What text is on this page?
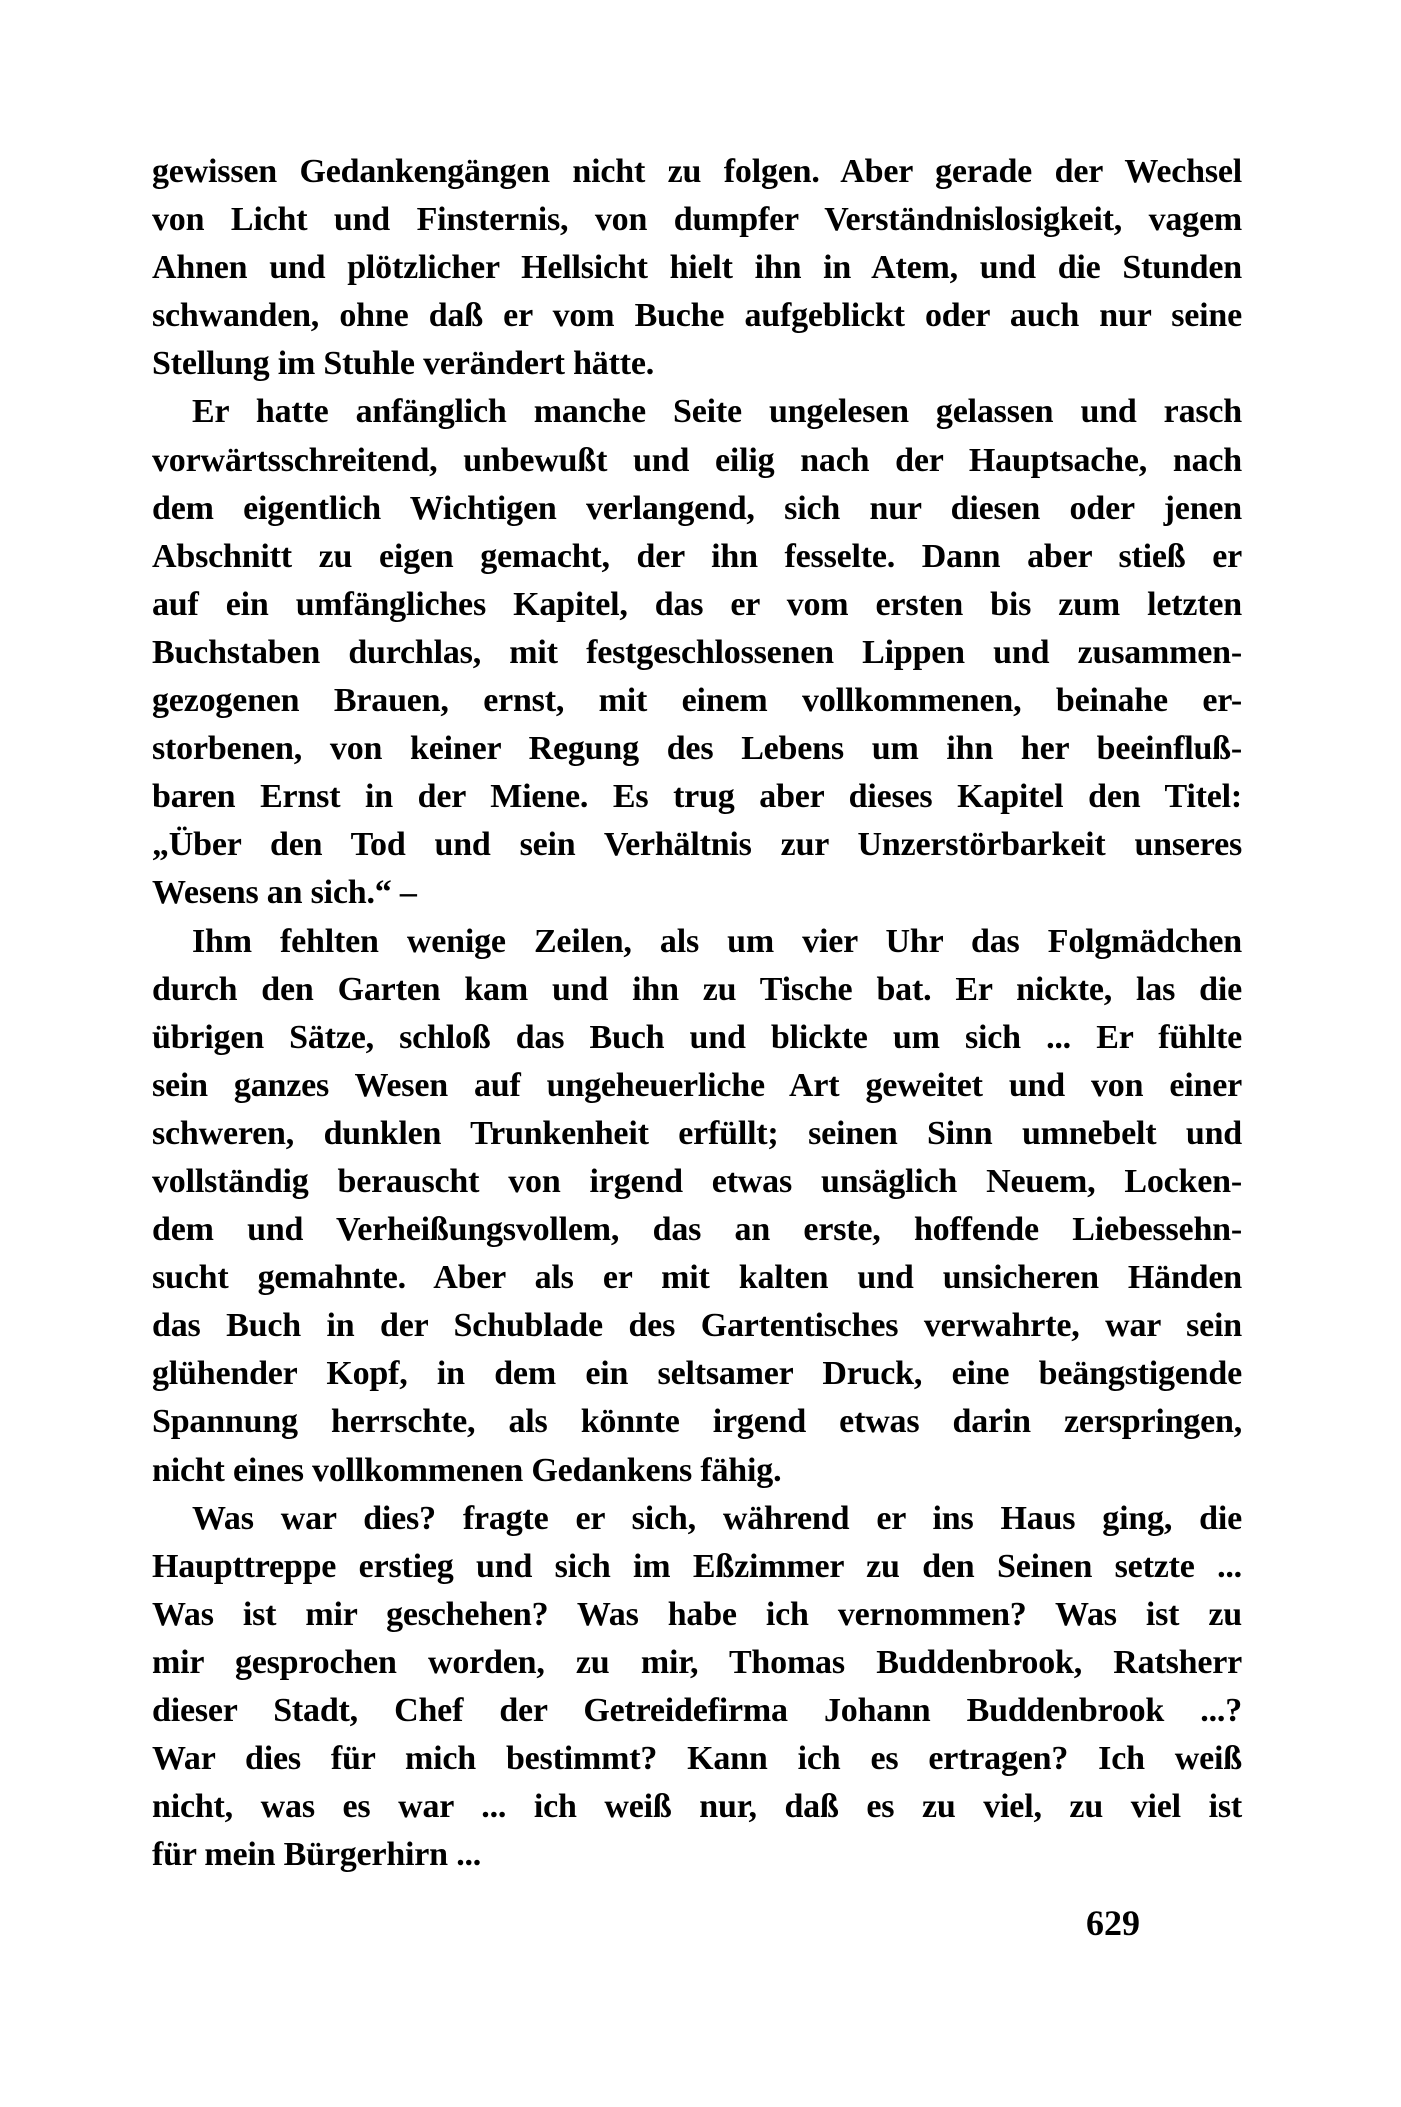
gewissen Gedankengängen nicht zu folgen. Aber gerade der Wechsel
von Licht und Finsternis, von dumpfer Verständnislosigkeit, vagem
Ahnen und plötzlicher Hellsicht hielt ihn in Atem, und die Stunden
schwanden, ohne daß er vom Buche aufgeblickt oder auch nur seine
Stellung im Stuhle verändert hätte.
Er hatte anfänglich manche Seite ungelesen gelassen und rasch
vorwärtsschreitend, unbewußt und eilig nach der Hauptsache, nach
dem eigentlich Wichtigen verlangend, sich nur diesen oder jenen
Abschnitt zu eigen gemacht, der ihn fesselte. Dann aber stieß er
auf ein umfängliches Kapitel, das er vom ersten bis zum letzten
Buchstaben durchlas, mit festgeschlossenen Lippen und zusammen-
gezogenen Brauen, ernst, mit einem vollkommenen, beinahe er-
storbenen, von keiner Regung des Lebens um ihn her beeinfluß-
baren Ernst in der Miene. Es trug aber dieses Kapitel den Titel:
„Über den Tod und sein Verhältnis zur Unzerstörbarkeit unseres
Wesens an sich.“ –
Ihm fehlten wenige Zeilen, als um vier Uhr das Folgmädchen
durch den Garten kam und ihn zu Tische bat. Er nickte, las die
übrigen Sätze, schloß das Buch und blickte um sich ... Er fühlte
sein ganzes Wesen auf ungeheuerliche Art geweitet und von einer
schweren, dunklen Trunkenheit erfüllt; seinen Sinn umnebelt und
vollständig berauscht von irgend etwas unsäglich Neuem, Locken-
dem und Verheißungsvollem, das an erste, hoffende Liebessehn-
sucht gemahnte. Aber als er mit kalten und unsicheren Händen
das Buch in der Schublade des Gartentisches verwahrte, war sein
glühender Kopf, in dem ein seltsamer Druck, eine beängstigende
Spannung herrschte, als könnte irgend etwas darin zerspringen,
nicht eines vollkommenen Gedankens fähig.
Was war dies? fragte er sich, während er ins Haus ging, die
Haupttreppe erstieg und sich im Eßzimmer zu den Seinen setzte ...
Was ist mir geschehen? Was habe ich vernommen? Was ist zu
mir gesprochen worden, zu mir, Thomas Buddenbrook, Ratsherr
dieser Stadt, Chef der Getreidefirma Johann Buddenbrook ...?
War dies für mich bestimmt? Kann ich es ertragen? Ich weiß
nicht, was es war ... ich weiß nur, daß es zu viel, zu viel ist
für mein Bürgerhirn ...
629
